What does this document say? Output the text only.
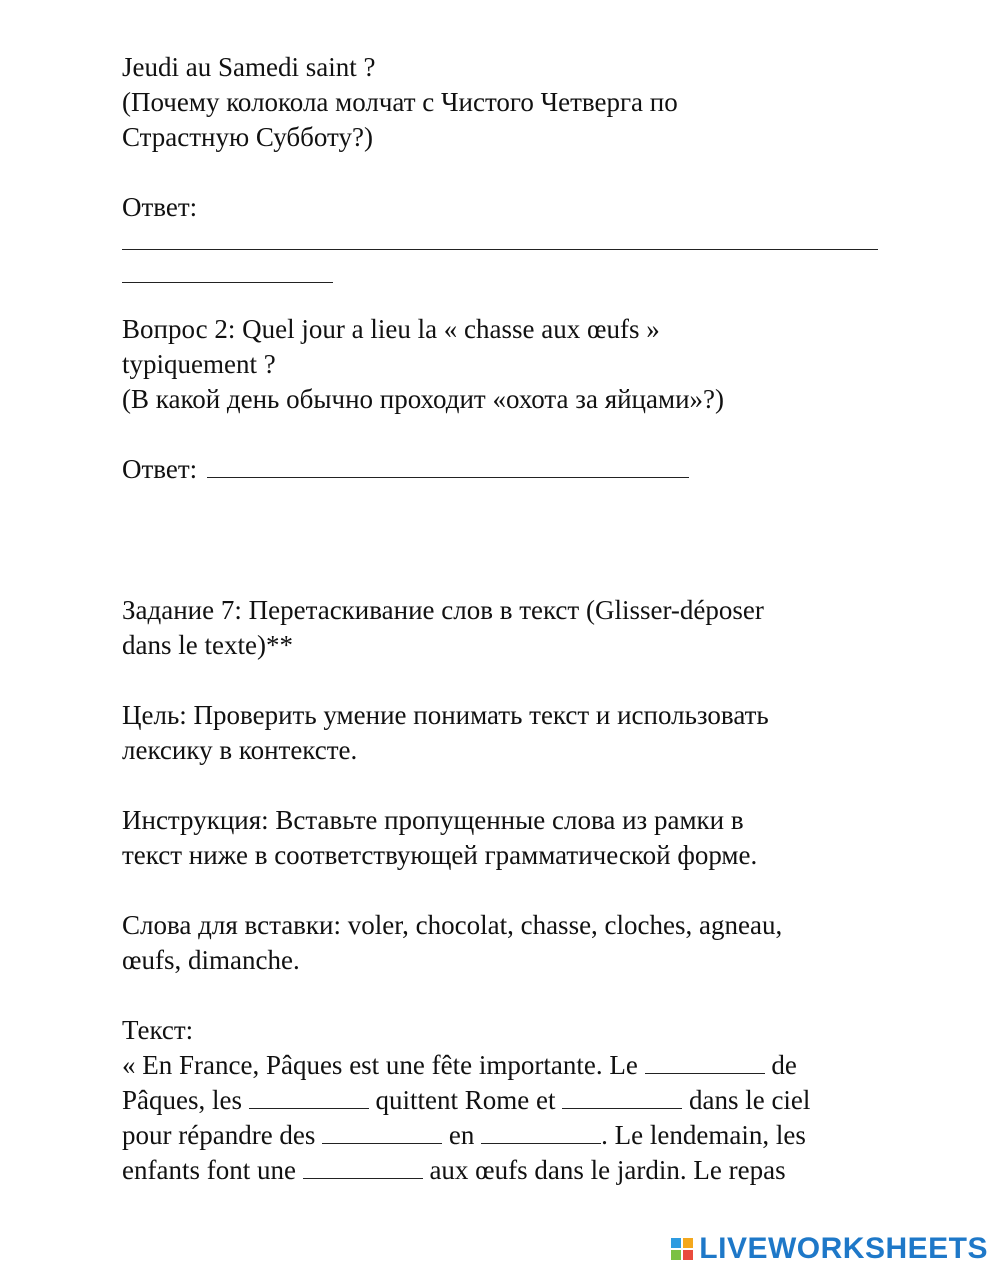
Jeudi au Samedi saint ?
(Почему колокола молчат с Чистого Четверга по
Страстную Субботу?)
Ответ:
Вопрос 2: Quel jour a lieu la « chasse aux œufs »
typiquement ?
(В какой день обычно проходит «охота за яйцами»?)
Ответ:
Задание 7: Перетаскивание слов в текст (Glisser-déposer
dans le texte)**
Цель: Проверить умение понимать текст и использовать
лексику в контексте.
Инструкция: Вставьте пропущенные слова из рамки в
текст ниже в соответствующей грамматической форме.
Слова для вставки: voler, chocolat, chasse, cloches, agneau,
œufs, dimanche.
Текст:
« En France, Pâques est une fête importante. Le	de
Pâques, les	quittent Rome et	dans le ciel
pour répandre des	en	. Le lendemain, les
enfants font une	aux œufs dans le jardin. Le repas
LIVEWORKSHEETS
